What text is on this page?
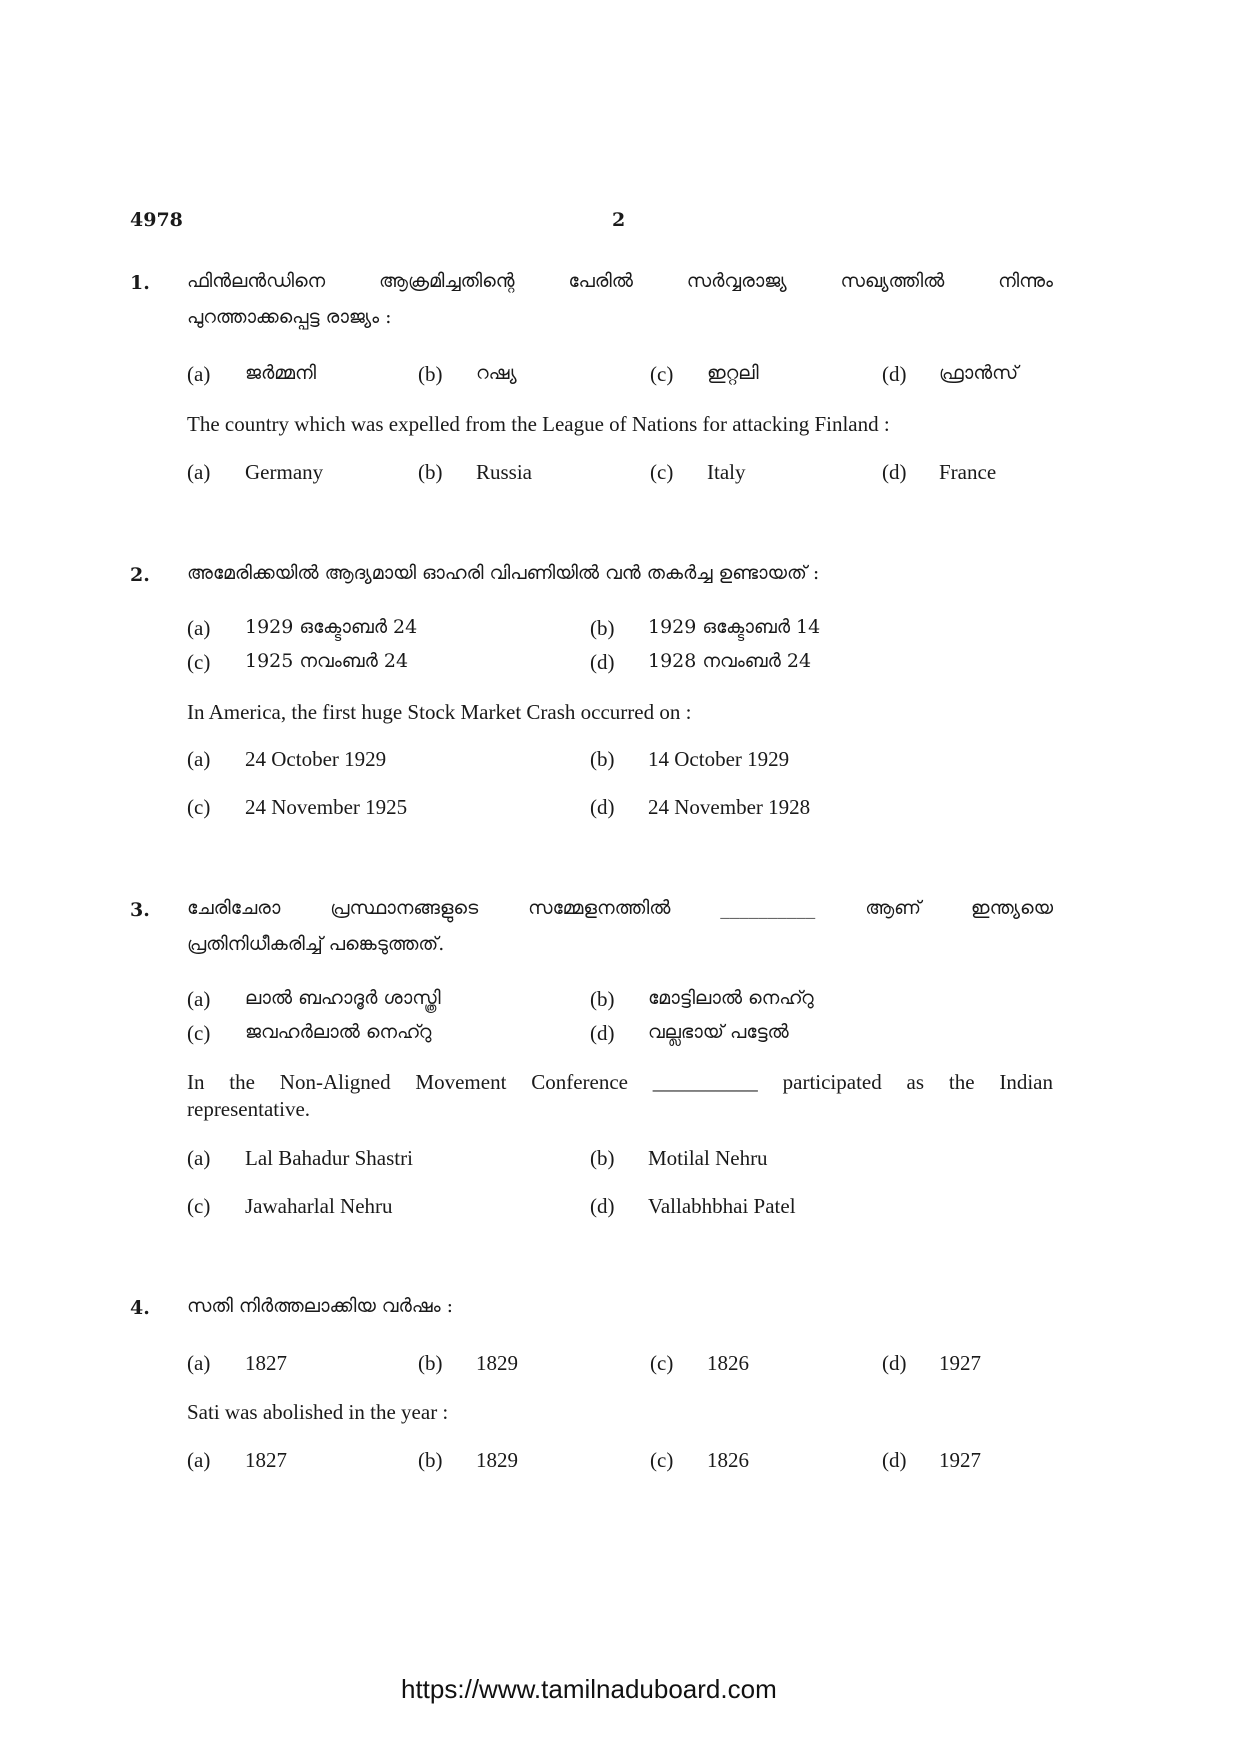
4978	2
1. ഫിൻലൻഡിനെ ആക്രമിച്ചതിന്റെ പേരിൽ സർവ്വരാജ്യ സഖ്യത്തിൽ നിന്നും
പുറത്താക്കപ്പെട്ട രാജ്യം :
(a) ജർമ്മനി	(b) റഷ്യ	(c) ഇറ്റലി	(d) ഫ്രാൻസ്
The country which was expelled from the League of Nations for attacking Finland :
(a) Germany	(b) Russia	(c) Italy	(d) France
2. അമേരിക്കയിൽ ആദ്യമായി ഓഹരി വിപണിയിൽ വൻ തകർച്ച ഉണ്ടായത് :
(a) 1929 ഒക്ടോബർ 24	(b) 1929 ഒക്ടോബർ 14
(c) 1925 നവംബർ 24	(d) 1928 നവംബർ 24
In America, the first huge Stock Market Crash occurred on :
(a) 24 October 1929	(b) 14 October 1929
(c) 24 November 1925	(d) 24 November 1928
3. ചേരിചേരാ പ്രസ്ഥാനങ്ങളുടെ സമ്മേളനത്തിൽ __________ ആണ് ഇന്ത്യയെ
പ്രതിനിധീകരിച്ച് പങ്കെടുത്തത്.
(a) ലാൽ ബഹാദൂർ ശാസ്ത്രി	(b) മോട്ടിലാൽ നെഹ്റു
(c) ജവഹർലാൽ നെഹ്റു	(d) വല്ലഭായ് പട്ടേൽ
In the Non-Aligned Movement Conference __________ participated as the Indian
representative.
(a) Lal Bahadur Shastri	(b) Motilal Nehru
(c) Jawaharlal Nehru	(d) Vallabhbhai Patel
4. സതി നിർത്തലാക്കിയ വർഷം :
(a) 1827	(b) 1829	(c) 1826	(d) 1927
Sati was abolished in the year :
(a) 1827	(b) 1829	(c) 1826	(d) 1927
https://www.tamilnaduboard.com
